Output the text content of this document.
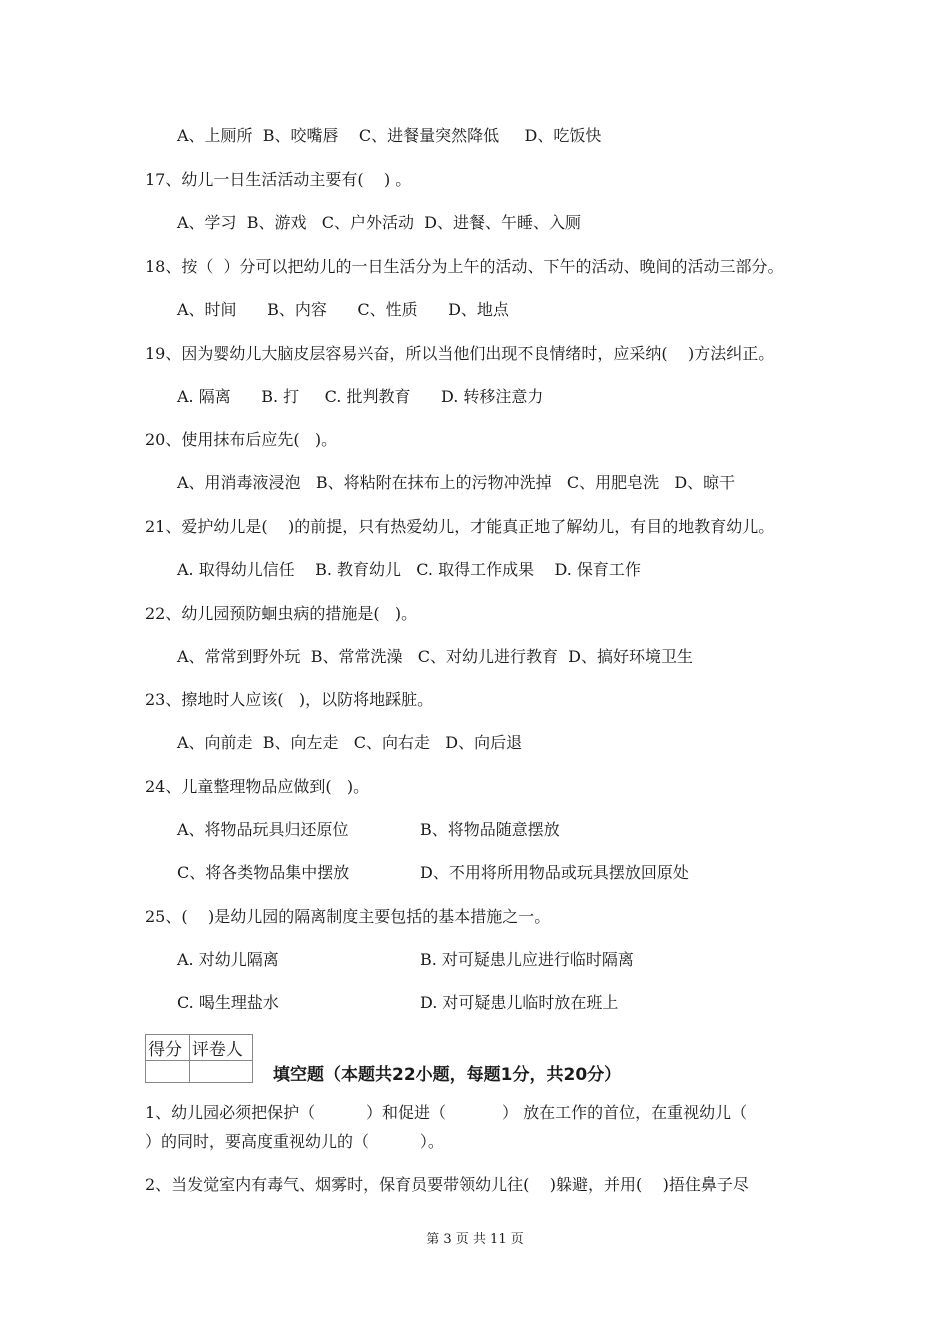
A、上厕所  B、咬嘴唇    C、进餐量突然降低     D、吃饭快
17、幼儿一日生活活动主要有(    ) 。
A、学习  B、游戏   C、户外活动  D、进餐、午睡、入厕
18、按（  ）分可以把幼儿的一日生活分为上午的活动、下午的活动、晚间的活动三部分。
A、时间      B、内容      C、性质      D、地点
19、因为婴幼儿大脑皮层容易兴奋，所以当他们出现不良情绪时，应采纳(    )方法纠正。
A. 隔离      B. 打     C. 批判教育      D. 转移注意力
20、使用抹布后应先(   )。
A、用消毒液浸泡   B、将粘附在抹布上的污物冲洗掉   C、用肥皂洗   D、晾干
21、爱护幼儿是(    )的前提，只有热爱幼儿，才能真正地了解幼儿，有目的地教育幼儿。
A. 取得幼儿信任    B. 教育幼儿   C. 取得工作成果    D. 保育工作
22、幼儿园预防蛔虫病的措施是(   )。
A、常常到野外玩  B、常常洗澡   C、对幼儿进行教育  D、搞好环境卫生
23、擦地时人应该(   )，以防将地踩脏。
A、向前走  B、向左走   C、向右走   D、向后退
24、儿童整理物品应做到(   )。
A、将物品玩具归还原位	B、将物品随意摆放
C、将各类物品集中摆放	D、不用将所用物品或玩具摆放回原处
25、(    )是幼儿园的隔离制度主要包括的基本措施之一。
A. 对幼儿隔离	B. 对可疑患儿应进行临时隔离
C. 喝生理盐水	D. 对可疑患儿临时放在班上
得分	评卷人

填空题（本题共22小题，每题1分，共20分）
1、幼儿园必须把保护（          ）和促进（           ） 放在工作的首位，在重视幼儿（
）的同时，要高度重视幼儿的（          ）。
2、当发觉室内有毒气、烟雾时，保育员要带领幼儿往(    )躲避，并用(    )捂住鼻子尽
第 3 页 共 11 页
